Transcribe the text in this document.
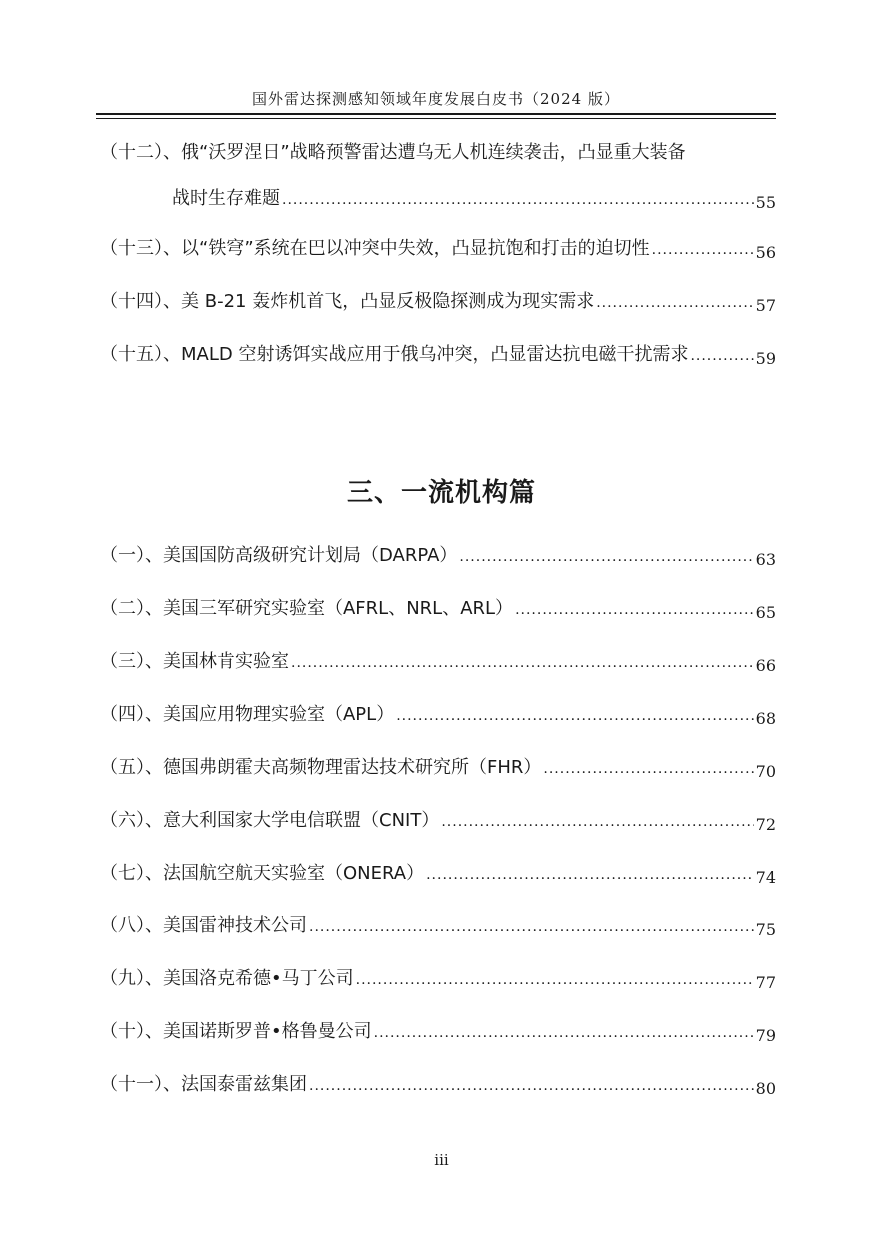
国外雷达探测感知领域年度发展白皮书（2024 版）
（十二）、俄“沃罗涅日”战略预警雷达遭乌无人机连续袭击，凸显重大装备
战时生存难题 .....	55
（十三）、以“铁穹”系统在巴以冲突中失效，凸显抗饱和打击的迫切性 .....	56
（十四）、美 B-21 轰炸机首飞，凸显反极隐探测成为现实需求 .....	57
（十五）、MALD 空射诱饵实战应用于俄乌冲突，凸显雷达抗电磁干扰需求 .....	59
三、一流机构篇
（一）、美国国防高级研究计划局（DARPA） .....	63
（二）、美国三军研究实验室（AFRL、NRL、ARL） .....	65
（三）、美国林肯实验室 .....	66
（四）、美国应用物理实验室（APL） .....	68
（五）、德国弗朗霍夫高频物理雷达技术研究所（FHR） .....	70
（六）、意大利国家大学电信联盟（CNIT） .....	72
（七）、法国航空航天实验室（ONERA） .....	74
（八）、美国雷神技术公司 .....	75
（九）、美国洛克希德•马丁公司 .....	77
（十）、美国诺斯罗普•格鲁曼公司 .....	79
（十一）、法国泰雷兹集团 .....	80
iii
